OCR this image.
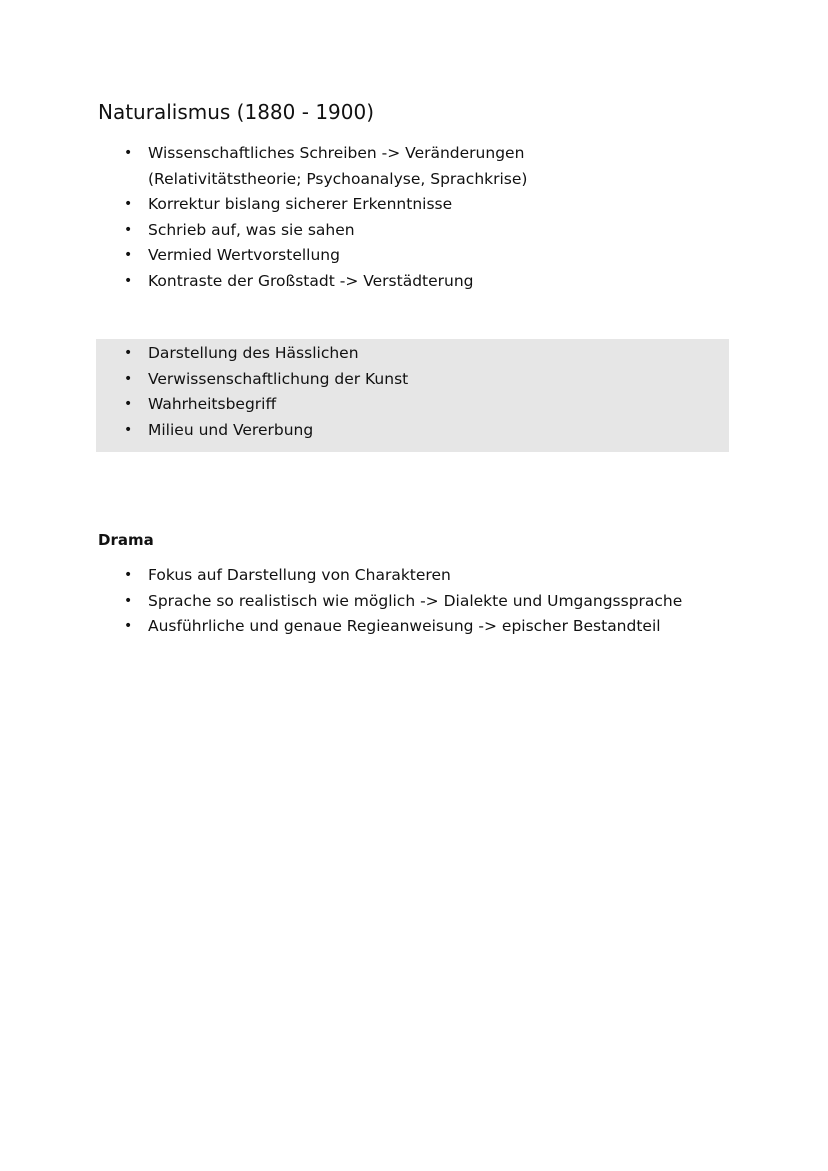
Naturalismus (1880 - 1900)
• Wissenschaftliches Schreiben -> Veränderungen (Relativitätstheorie; Psychoanalyse, Sprachkrise)
• Korrektur bislang sicherer Erkenntnisse
• Schrieb auf, was sie sahen
• Vermied Wertvorstellung
• Kontraste der Großstadt -> Verstädterung
• Darstellung des Hässlichen
• Verwissenschaftlichung der Kunst
• Wahrheitsbegriff
• Milieu und Vererbung
Drama
• Fokus auf Darstellung von Charakteren
• Sprache so realistisch wie möglich -> Dialekte und Umgangssprache
• Ausführliche und genaue Regieanweisung -> epischer Bestandteil
